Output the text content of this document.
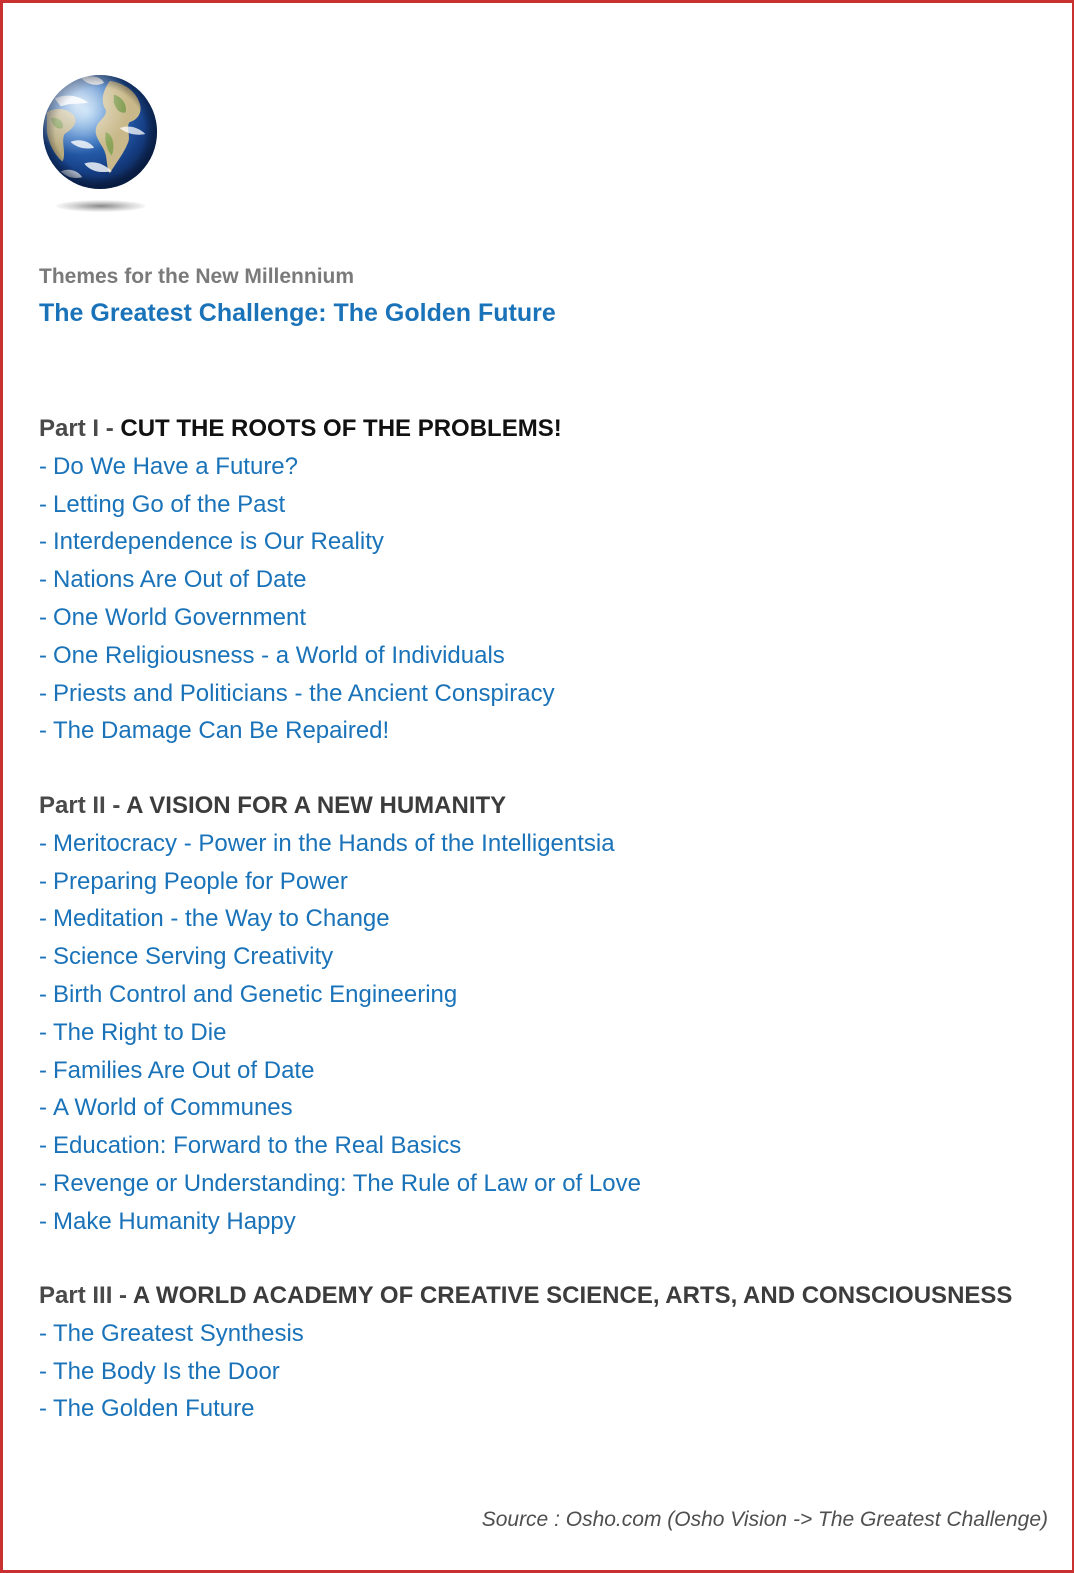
Themes for the New Millennium
The Greatest Challenge: The Golden Future
Part I - CUT THE ROOTS OF THE PROBLEMS!
- Do We Have a Future?
- Letting Go of the Past
- Interdependence is Our Reality
- Nations Are Out of Date
- One World Government
- One Religiousness - a World of Individuals
- Priests and Politicians - the Ancient Conspiracy
- The Damage Can Be Repaired!
Part II - A VISION FOR A NEW HUMANITY
- Meritocracy - Power in the Hands of the Intelligentsia
- Preparing People for Power
- Meditation - the Way to Change
- Science Serving Creativity
- Birth Control and Genetic Engineering
- The Right to Die
- Families Are Out of Date
- A World of Communes
- Education: Forward to the Real Basics
- Revenge or Understanding: The Rule of Law or of Love
- Make Humanity Happy
Part III - A WORLD ACADEMY OF CREATIVE SCIENCE, ARTS, AND CONSCIOUSNESS
- The Greatest Synthesis
- The Body Is the Door
- The Golden Future
Source : Osho.com (Osho Vision -> The Greatest Challenge)
